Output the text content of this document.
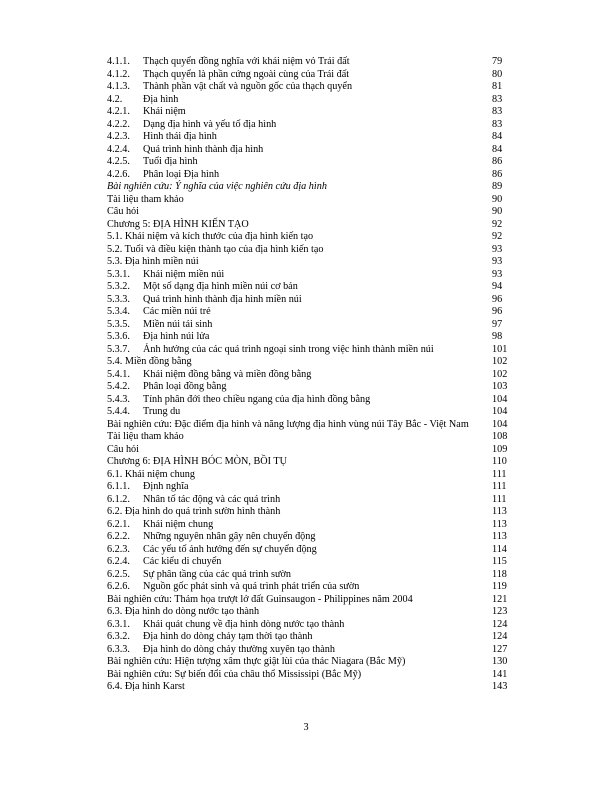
4.1.1. Thạch quyển đồng nghĩa với khái niệm vỏ Trái đất	79
4.1.2. Thạch quyển là phần cứng ngoài cùng của Trái đất	80
4.1.3. Thành phần vật chất và nguồn gốc của thạch quyển	81
4.2. Địa hình	83
4.2.1. Khái niệm	83
4.2.2. Dạng địa hình và yếu tố địa hình	83
4.2.3. Hình thái địa hình	84
4.2.4. Quá trình hình thành địa hình	84
4.2.5. Tuổi địa hình	86
4.2.6. Phân loại Địa hình	86
Bài nghiên cứu: Ý nghĩa của việc nghiên cứu địa hình	89
Tài liệu tham khảo	90
Câu hỏi	90
Chương 5: ĐỊA HÌNH KIẾN TẠO	92
5.1. Khái niệm và kích thước của địa hình kiến tạo	92
5.2. Tuổi và điều kiện thành tạo của địa hình kiến tạo	93
5.3. Địa hình miền núi	93
5.3.1. Khái niệm miền núi	93
5.3.2. Một số dạng địa hình miền núi cơ bản	94
5.3.3. Quá trình hình thành địa hình miền núi	96
5.3.4. Các miền núi trẻ	96
5.3.5. Miền núi tái sinh	97
5.3.6. Địa hình núi lửa	98
5.3.7. Ảnh hưởng của các quá trình ngoại sinh trong việc hình thành miền núi	101
5.4. Miền đồng bằng	102
5.4.1. Khái niệm đồng bằng và miền đồng bằng	102
5.4.2. Phân loại đồng bằng	103
5.4.3. Tính phân đới theo chiều ngang của địa hình đồng bằng	104
5.4.4. Trung du	104
Bài nghiên cứu: Đặc điểm địa hình và năng lượng địa hình vùng núi Tây Bắc - Việt Nam 104
Tài liệu tham khảo	108
Câu hỏi	109
Chương 6: ĐỊA HÌNH BÓC MÒN, BỒI TỤ	110
6.1. Khái niệm chung	111
6.1.1. Định nghĩa	111
6.1.2. Nhân tố tác động và các quá trình	111
6.2. Địa hình do quá trình sườn hình thành	113
6.2.1. Khái niệm chung	113
6.2.2. Những nguyên nhân gây nên chuyển động	113
6.2.3. Các yếu tố ảnh hưởng đến sự chuyển động	114
6.2.4. Các kiểu di chuyển	115
6.2.5. Sự phân tầng của các quá trình sườn	118
6.2.6. Nguồn gốc phát sinh và quá trình phát triển của sườn	119
Bài nghiên cứu: Thảm họa trượt lở đất Guinsaugon - Philippines năm 2004	121
6.3. Địa hình do dòng nước tạo thành	123
6.3.1. Khái quát chung về địa hình dòng nước tạo thành	124
6.3.2. Địa hình do dòng chảy tạm thời tạo thành	124
6.3.3. Địa hình do dòng chảy thường xuyên tạo thành	127
Bài nghiên cứu: Hiện tượng xâm thực giật lùi của thác Niagara (Bắc Mỹ)	130
Bài nghiên cứu: Sự biến đổi của châu thổ Mississipi (Bắc Mỹ)	141
6.4. Địa hình Karst	143
3
